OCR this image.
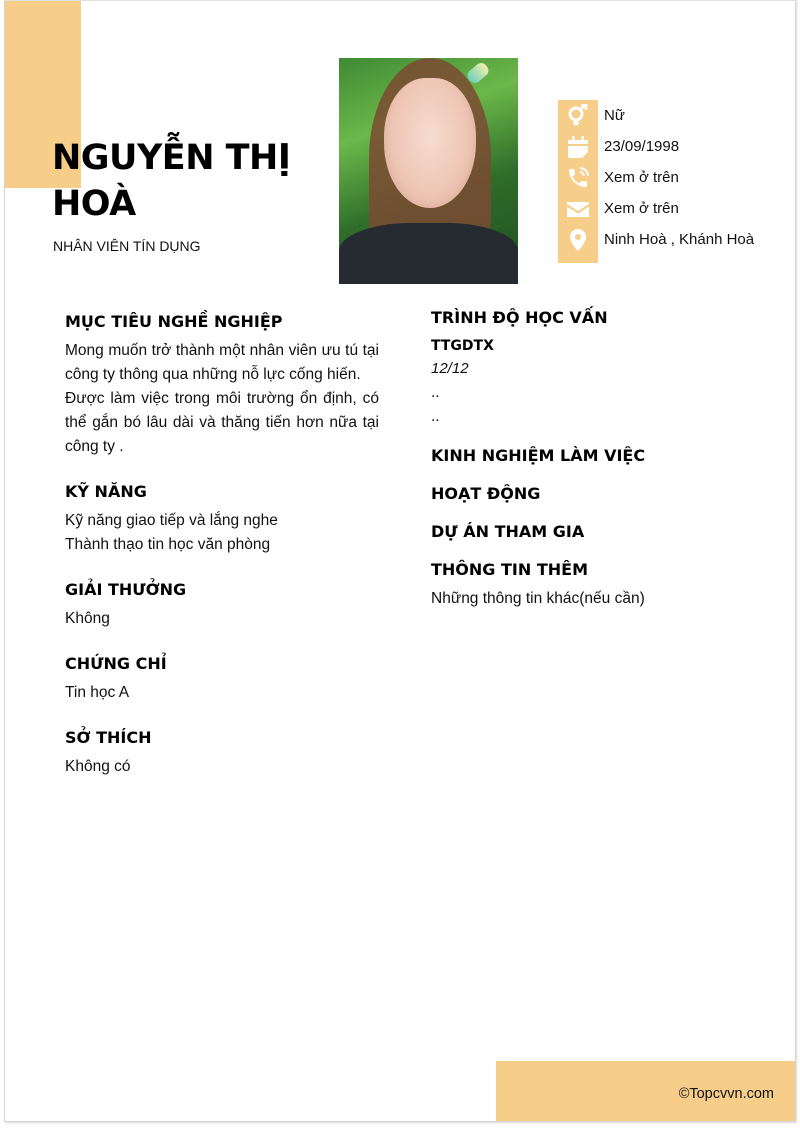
NGUYỄN THỊ HOÀ
NHÂN VIÊN TÍN DỤNG
Nữ
23/09/1998
Xem ở trên
Xem ở trên
Ninh Hoà , Khánh Hoà
MỤC TIÊU NGHỀ NGHIỆP

Mong muốn trở thành một nhân viên ưu tú tại công ty thông qua những nỗ lực cống hiến.

Được làm việc trong môi trường ổn định, có thể gắn bó lâu dài và thăng tiến hơn nữa tại công ty .

KỸ NĂNG

Kỹ năng giao tiếp và lắng nghe

Thành thạo tin học văn phòng

GIẢI THƯỞNG

Không

CHỨNG CHỈ

Tin học A

SỞ THÍCH

Không có

TRÌNH ĐỘ HỌC VẤN
TTGDTX
12/12

..

..

KINH NGHIỆM LÀM VIỆC
HOẠT ĐỘNG
DỰ ÁN THAM GIA
THÔNG TIN THÊM

Những thông tin khác(nếu cần)

©Topcvvn.com
